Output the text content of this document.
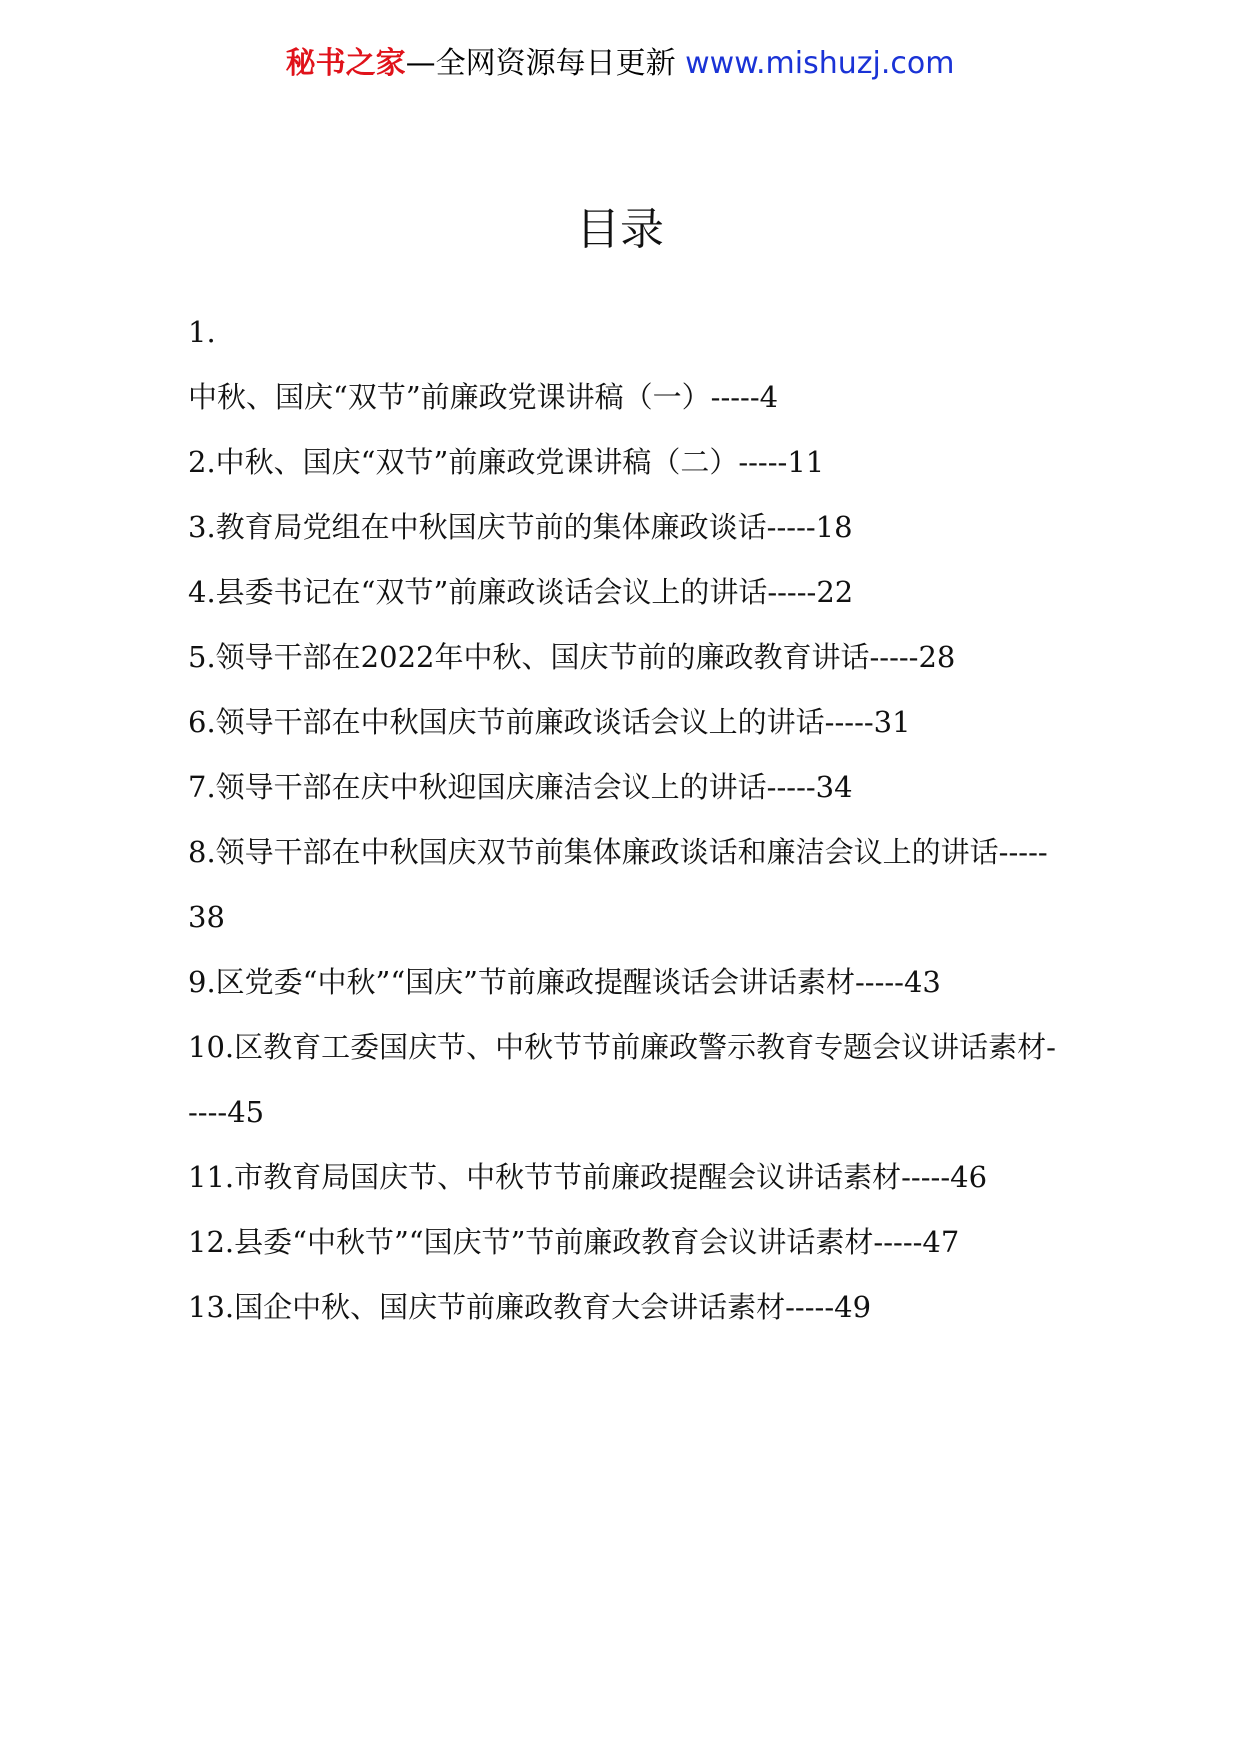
秘书之家—全网资源每日更新 www.mishuzj.com
目录
1.
中秋、国庆“双节”前廉政党课讲稿（一）-----4
2.中秋、国庆“双节”前廉政党课讲稿（二）-----11
3.教育局党组在中秋国庆节前的集体廉政谈话-----18
4.县委书记在“双节”前廉政谈话会议上的讲话-----22
5.领导干部在2022年中秋、国庆节前的廉政教育讲话-----28
6.领导干部在中秋国庆节前廉政谈话会议上的讲话-----31
7.领导干部在庆中秋迎国庆廉洁会议上的讲话-----34
8.领导干部在中秋国庆双节前集体廉政谈话和廉洁会议上的讲话-----38
9.区党委“中秋”“国庆”节前廉政提醒谈话会讲话素材-----43
10.区教育工委国庆节、中秋节节前廉政警示教育专题会议讲话素材-----45
11.市教育局国庆节、中秋节节前廉政提醒会议讲话素材-----46
12.县委“中秋节”“国庆节”节前廉政教育会议讲话素材-----47
13.国企中秋、国庆节前廉政教育大会讲话素材-----49
